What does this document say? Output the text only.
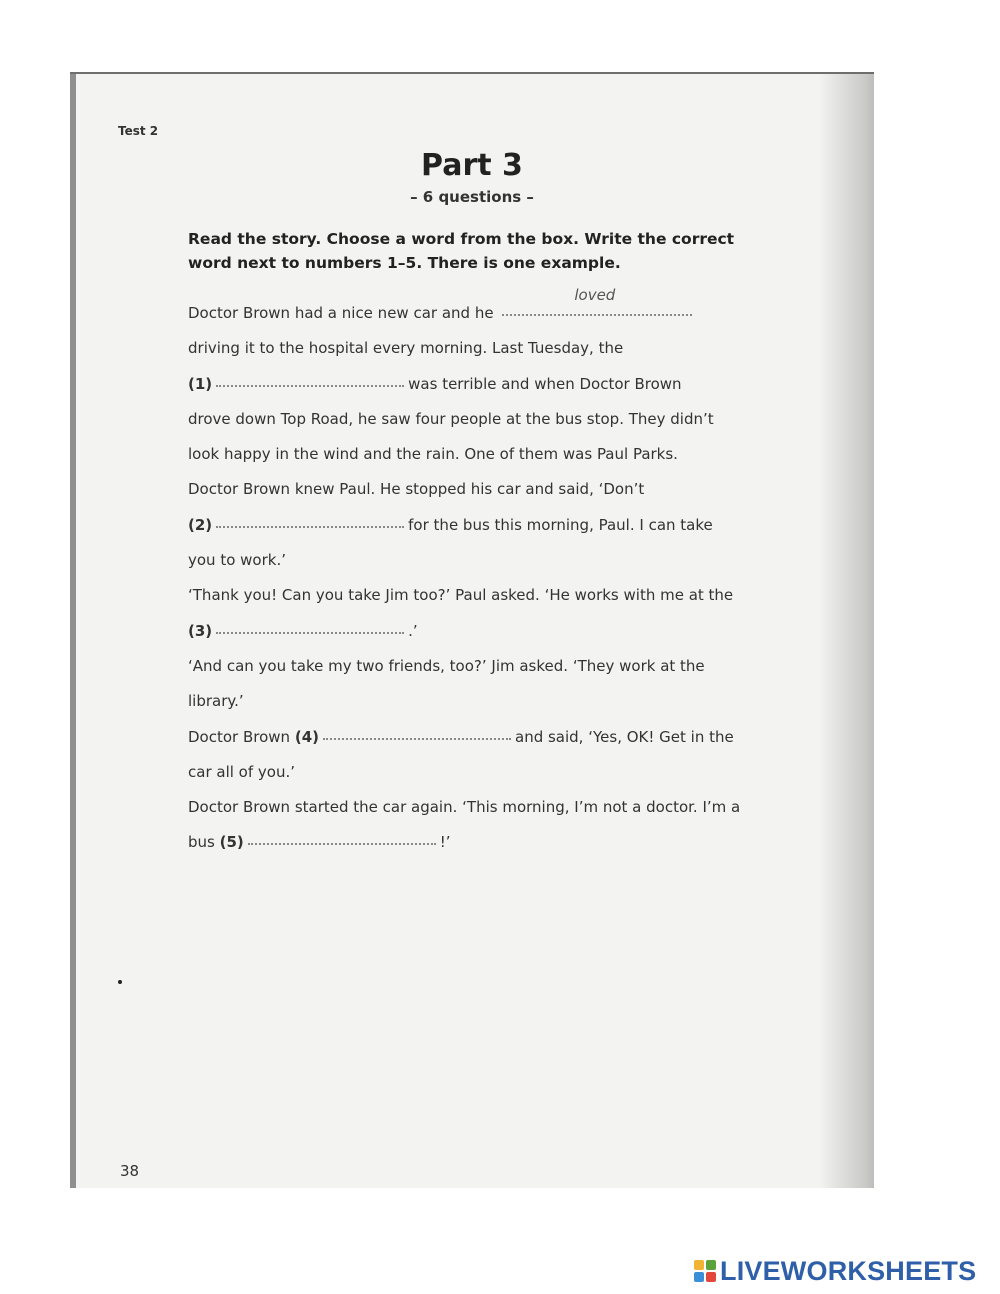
Test 2
Part 3
– 6 questions –
Read the story. Choose a word from the box. Write the correct word next to numbers 1–5. There is one example.
Doctor Brown had a nice new car and he
loved
driving it to the hospital every morning. Last Tuesday, the
(1)	was terrible and when Doctor Brown
drove down Top Road, he saw four people at the bus stop. They didn’t
look happy in the wind and the rain. One of them was Paul Parks.
Doctor Brown knew Paul. He stopped his car and said, ‘Don’t
(2)	for the bus this morning, Paul. I can take
you to work.’
‘Thank you! Can you take Jim too?’ Paul asked. ‘He works with me at the
(3)	.’
‘And can you take my two friends, too?’ Jim asked. ‘They work at the
library.’
Doctor Brown (4)	and said, ‘Yes, OK! Get in the
car all of you.’
Doctor Brown started the car again. ‘This morning, I’m not a doctor. I’m a
bus (5)	!’
38
LIVEWORKSHEETS
